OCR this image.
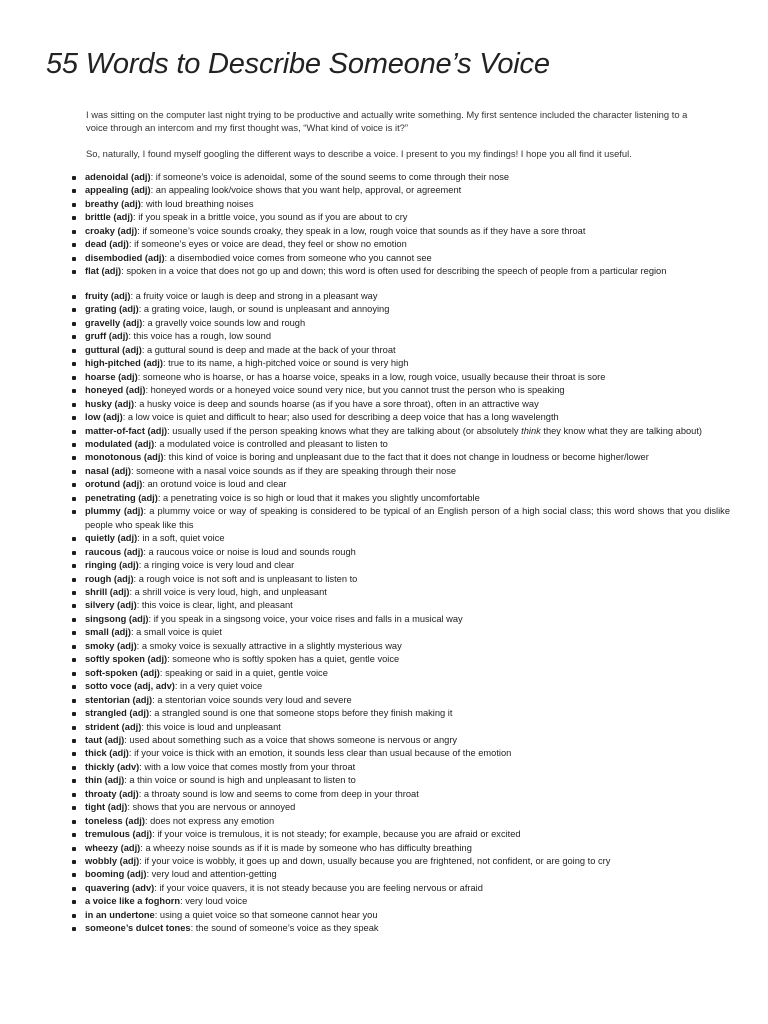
55 Words to Describe Someone’s Voice

I was sitting on the computer last night trying to be productive and actually write something. My first sentence included the character listening to a voice through an intercom and my first thought was, “What kind of voice is it?”

So, naturally, I found myself googling the different ways to describe a voice. I present to you my findings! I hope you all find it useful.

adenoidal (adj): if someone’s voice is adenoidal, some of the sound seems to come through their nose
appealing (adj): an appealing look/voice shows that you want help, approval, or agreement
breathy (adj): with loud breathing noises
brittle (adj): if you speak in a brittle voice, you sound as if you are about to cry
croaky (adj): if someone’s voice sounds croaky, they speak in a low, rough voice that sounds as if they have a sore throat
dead (adj): if someone’s eyes or voice are dead, they feel or show no emotion
disembodied (adj): a disembodied voice comes from someone who you cannot see
flat (adj): spoken in a voice that does not go up and down; this word is often used for describing the speech of people from a particular region
fruity (adj): a fruity voice or laugh is deep and strong in a pleasant way
grating (adj): a grating voice, laugh, or sound is unpleasant and annoying
gravelly (adj): a gravelly voice sounds low and rough
gruff (adj): this voice has a rough, low sound
guttural (adj): a guttural sound is deep and made at the back of your throat
high-pitched (adj): true to its name, a high-pitched voice or sound is very high
hoarse (adj): someone who is hoarse, or has a hoarse voice, speaks in a low, rough voice, usually because their throat is sore
honeyed (adj): honeyed words or a honeyed voice sound very nice, but you cannot trust the person who is speaking
husky (adj): a husky voice is deep and sounds hoarse (as if you have a sore throat), often in an attractive way
low (adj): a low voice is quiet and difficult to hear; also used for describing a deep voice that has a long wavelength
matter-of-fact (adj): usually used if the person speaking knows what they are talking about (or absolutely think they know what they are talking about)
modulated (adj): a modulated voice is controlled and pleasant to listen to
monotonous (adj): this kind of voice is boring and unpleasant due to the fact that it does not change in loudness or become higher/lower
nasal (adj): someone with a nasal voice sounds as if they are speaking through their nose
orotund (adj): an orotund voice is loud and clear
penetrating (adj): a penetrating voice is so high or loud that it makes you slightly uncomfortable
plummy (adj): a plummy voice or way of speaking is considered to be typical of an English person of a high social class; this word shows that you dislike people who speak like this
quietly (adj): in a soft, quiet voice
raucous (adj): a raucous voice or noise is loud and sounds rough
ringing (adj): a ringing voice is very loud and clear
rough (adj): a rough voice is not soft and is unpleasant to listen to
shrill (adj): a shrill voice is very loud, high, and unpleasant
silvery (adj): this voice is clear, light, and pleasant
singsong (adj): if you speak in a singsong voice, your voice rises and falls in a musical way
small (adj): a small voice is quiet
smoky (adj): a smoky voice is sexually attractive in a slightly mysterious way
softly spoken (adj): someone who is softly spoken has a quiet, gentle voice
soft-spoken (adj): speaking or said in a quiet, gentle voice
sotto voce (adj, adv): in a very quiet voice
stentorian (adj): a stentorian voice sounds very loud and severe
strangled (adj): a strangled sound is one that someone stops before they finish making it
strident (adj): this voice is loud and unpleasant
taut (adj): used about something such as a voice that shows someone is nervous or angry
thick (adj): if your voice is thick with an emotion, it sounds less clear than usual because of the emotion
thickly (adv): with a low voice that comes mostly from your throat
thin (adj): a thin voice or sound is high and unpleasant to listen to
throaty (adj): a throaty sound is low and seems to come from deep in your throat
tight (adj): shows that you are nervous or annoyed
toneless (adj): does not express any emotion
tremulous (adj): if your voice is tremulous, it is not steady; for example, because you are afraid or excited
wheezy (adj): a wheezy noise sounds as if it is made by someone who has difficulty breathing
wobbly (adj): if your voice is wobbly, it goes up and down, usually because you are frightened, not confident, or are going to cry
booming (adj): very loud and attention-getting
quavering (adv): if your voice quavers, it is not steady because you are feeling nervous or afraid
a voice like a foghorn: very loud voice
in an undertone: using a quiet voice so that someone cannot hear you
someone’s dulcet tones: the sound of someone’s voice as they speak
